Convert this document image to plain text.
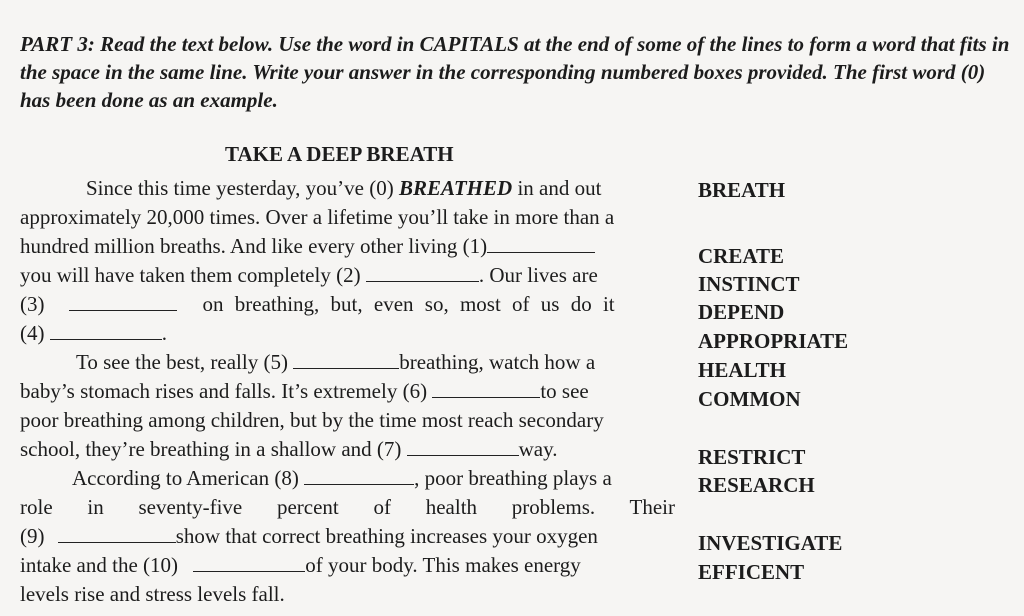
PART 3: Read the text below. Use the word in CAPITALS at the end of some of the lines to form a word that fits in the space in the same line. Write your answer in the corresponding numbered boxes provided. The first word (0) has been done as an example.

TAKE A DEEP BREATH
Since this time yesterday, you’ve (0) BREATHED in and out
approximately 20,000 times. Over a lifetime you’ll take in more than a
hundred million breaths. And like every other living (1)
you will have taken them completely (2)	. Our lives are
(3)	on breathing, but, even so, most of us do it
(4)	.
To see the best, really (5)	breathing, watch how a
baby’s stomach rises and falls. It’s extremely (6)	to see
poor breathing among children, but by the time most reach secondary
school, they’re breathing in a shallow and (7)	way.
According to American (8)	, poor breathing plays a
role in seventy-five percent of health problems. Their
(9)	show that correct breathing increases your oxygen
intake and the (10)	of your body. This makes energy
levels rise and stress levels fall.
BREATH
CREATE
INSTINCT
DEPEND
APPROPRIATE
HEALTH
COMMON
RESTRICT
RESEARCH
INVESTIGATE
EFFICENT
